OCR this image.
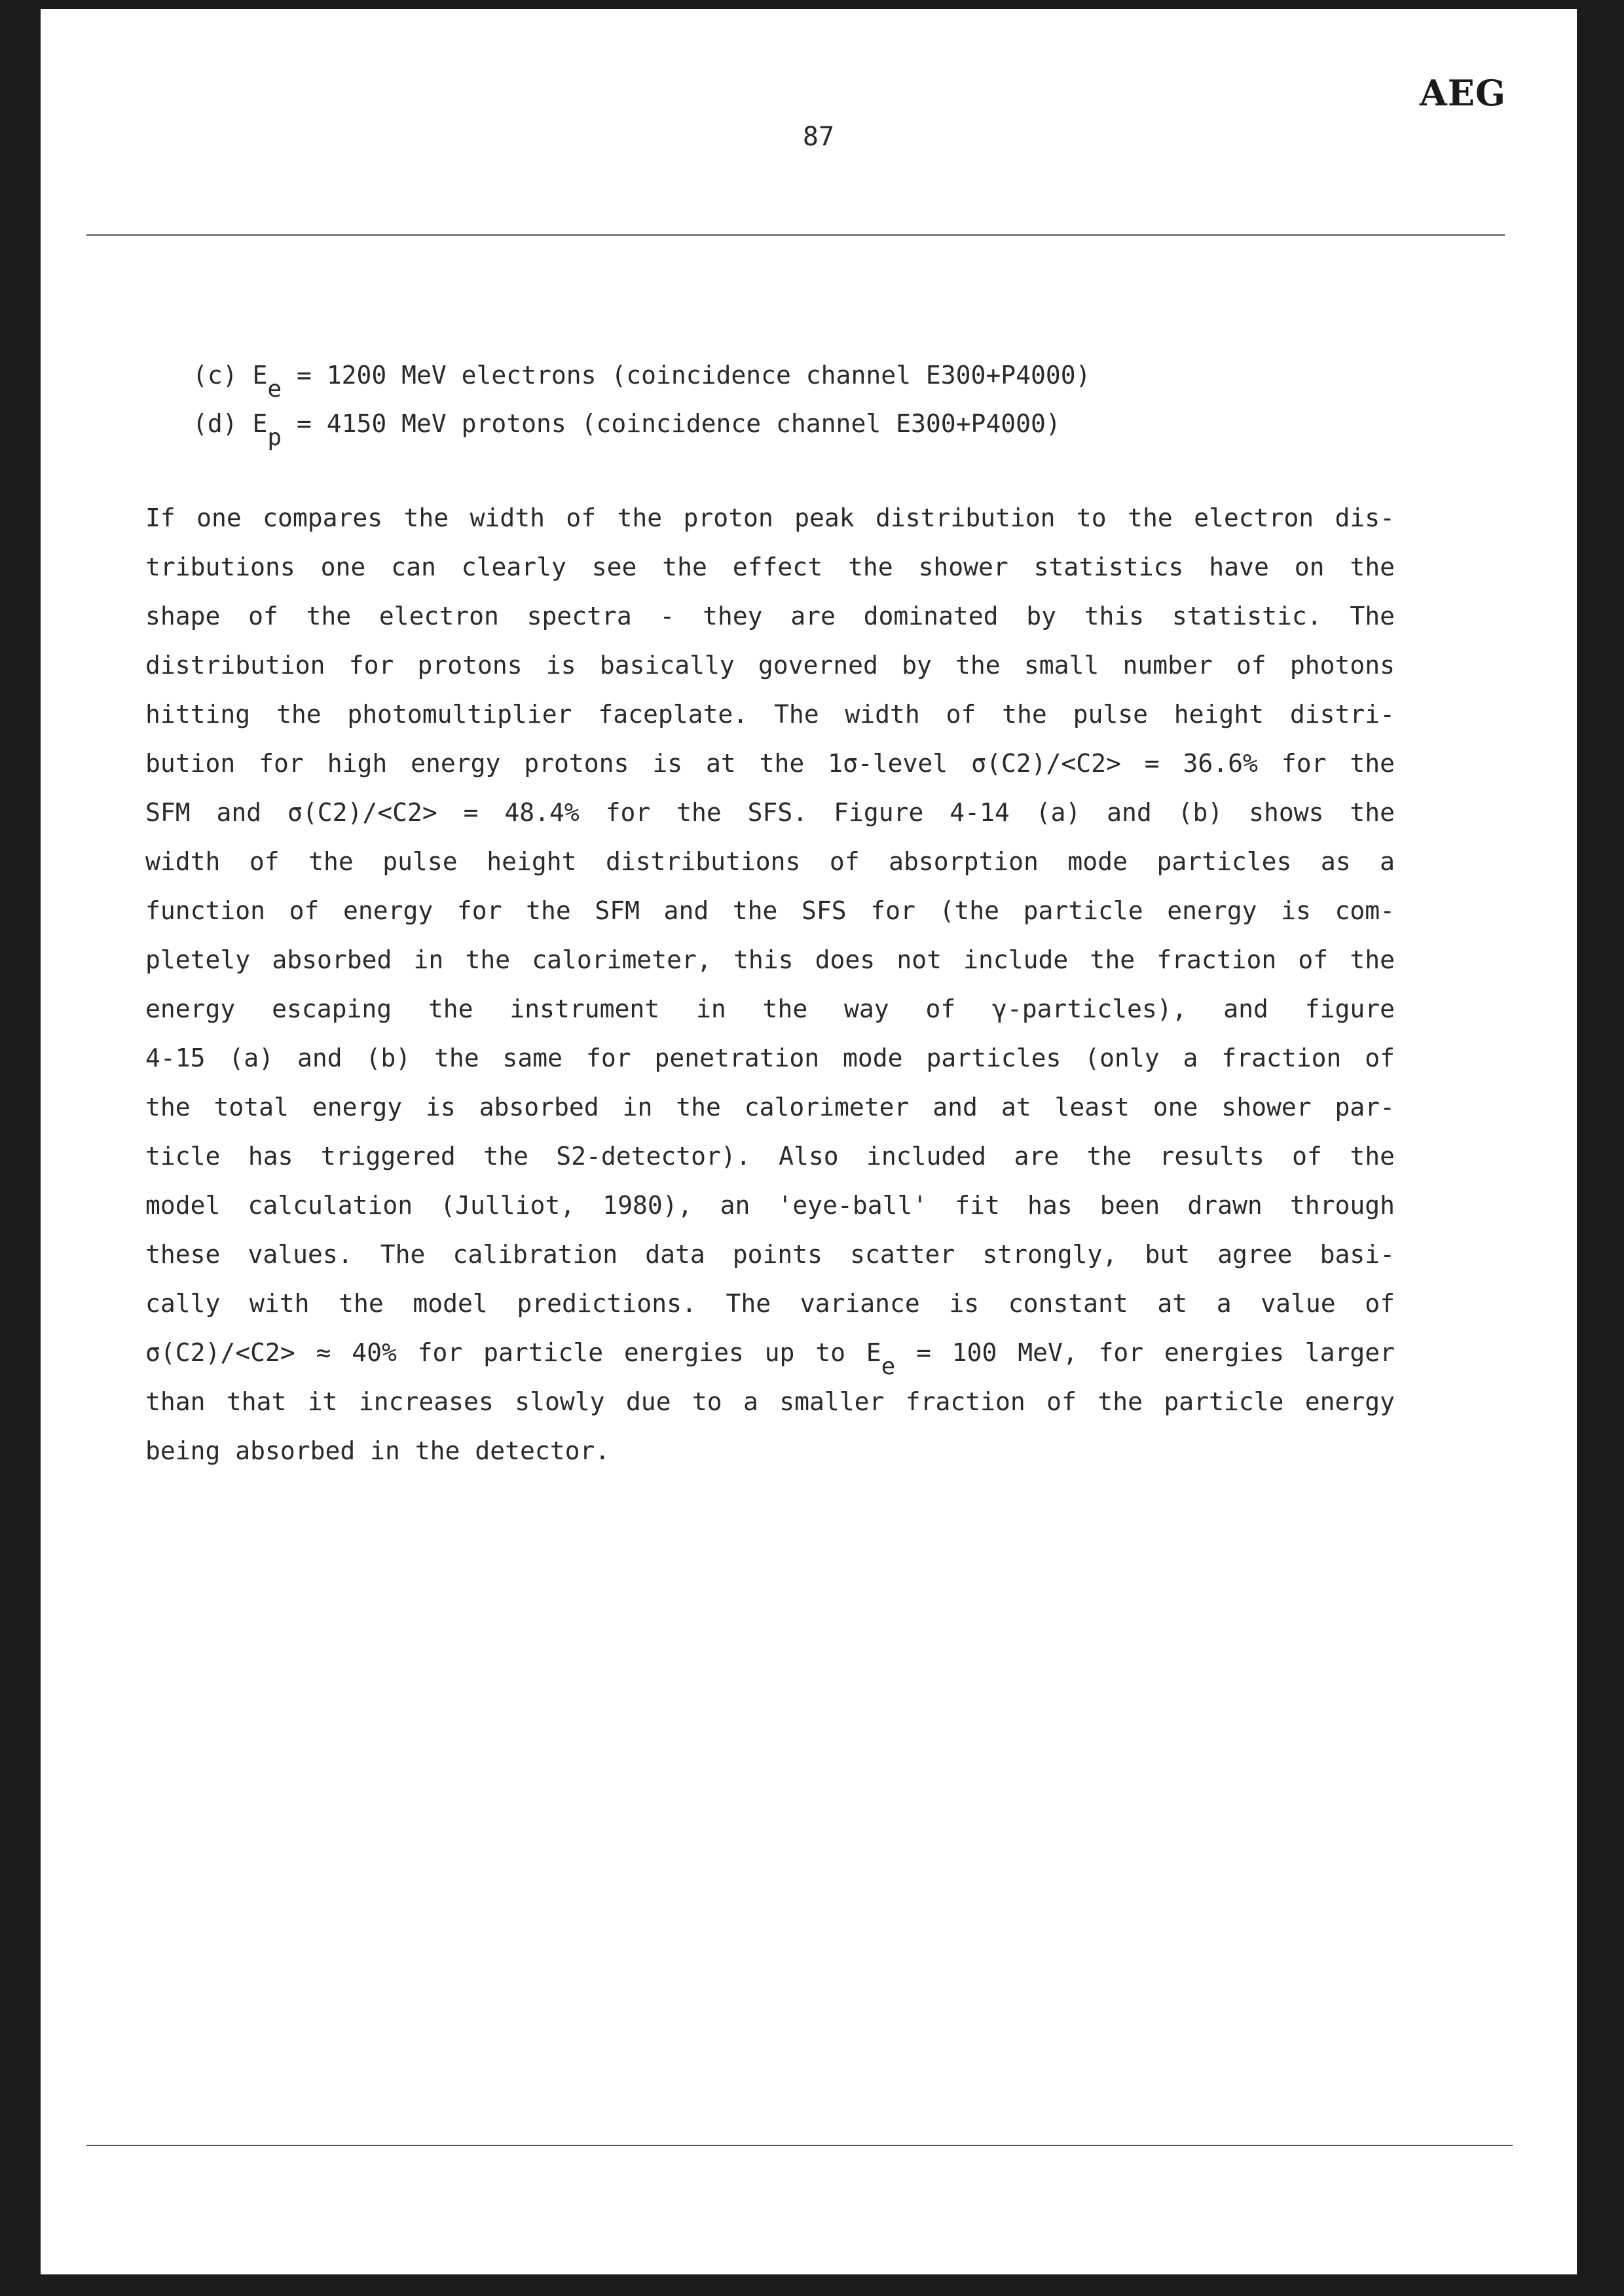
AEG
87
(c) Ee = 1200 MeV electrons (coincidence channel E300+P4000)
(d) Ep = 4150 MeV protons (coincidence channel E300+P4000)
If one compares the width of the proton peak distribution to the electron dis-
tributions one can clearly see the effect the shower statistics have on the
shape of the electron spectra - they are dominated by this statistic. The
distribution for protons is basically governed by the small number of photons
hitting the photomultiplier faceplate. The width of the pulse height distri-
bution for high energy protons is at the 1σ-level σ(C2)/<C2> = 36.6% for the
SFM and σ(C2)/<C2> = 48.4% for the SFS. Figure 4-14 (a) and (b) shows the
width of the pulse height distributions of absorption mode particles as a
function of energy for the SFM and the SFS for (the particle energy is com-
pletely absorbed in the calorimeter, this does not include the fraction of the
energy escaping the instrument in the way of γ-particles), and figure
4-15 (a) and (b) the same for penetration mode particles (only a fraction of
the total energy is absorbed in the calorimeter and at least one shower par-
ticle has triggered the S2-detector). Also included are the results of the
model calculation (Julliot, 1980), an 'eye-ball' fit has been drawn through
these values. The calibration data points scatter strongly, but agree basi-
cally with the model predictions. The variance is constant at a value of
σ(C2)/<C2> ≈ 40% for particle energies up to Ee = 100 MeV, for energies larger
than that it increases slowly due to a smaller fraction of the particle energy
being absorbed in the detector.
